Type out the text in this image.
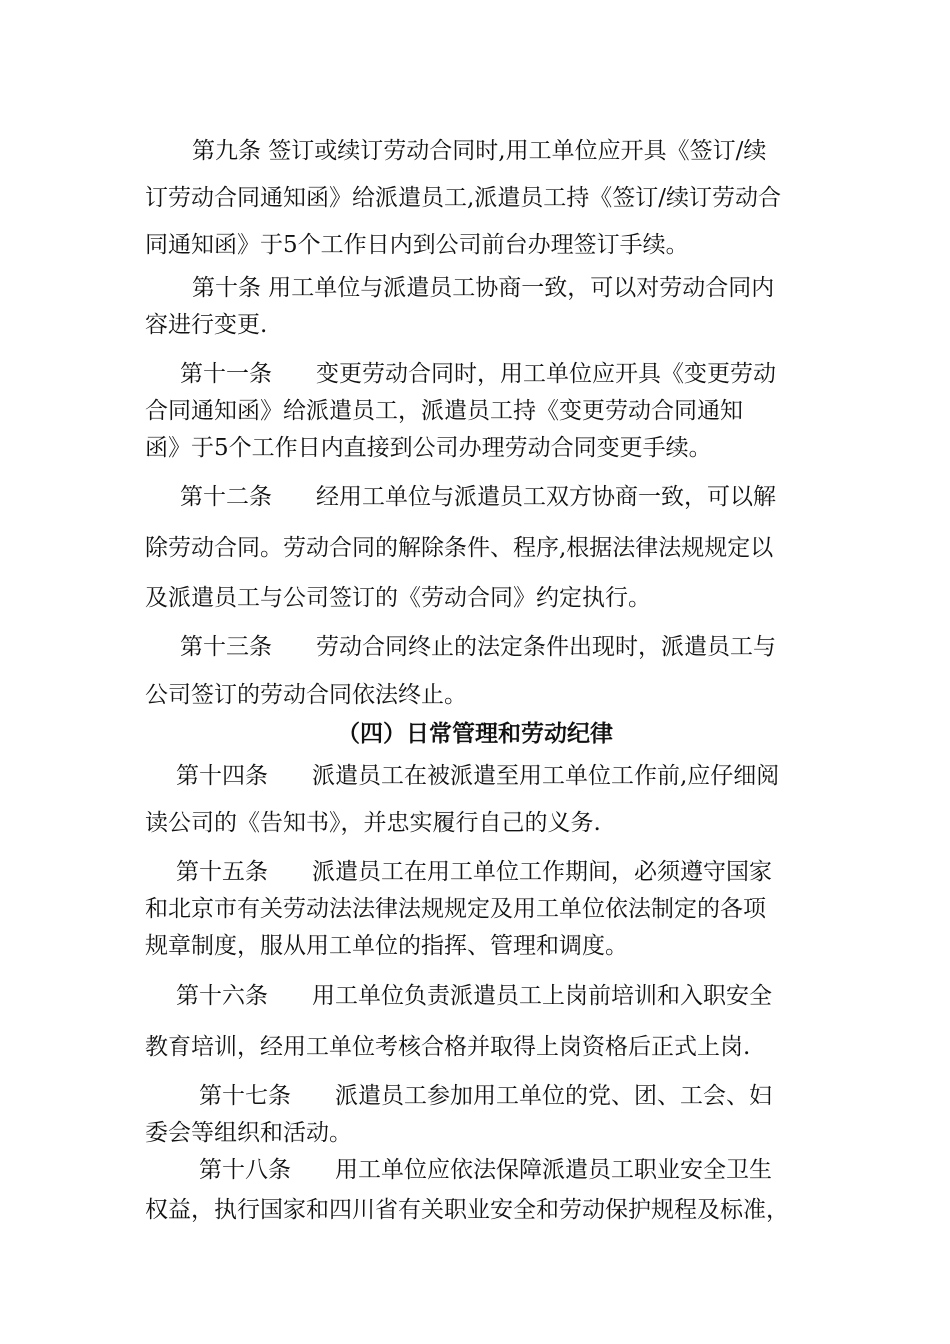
第九条 签订或续订劳动合同时,用工单位应开具《签订/续
订劳动合同通知函》给派遣员工,派遣员工持《签订/续订劳动合
同通知函》于5个工作日内到公司前台办理签订手续。
第十条 用工单位与派遣员工协商一致，可以对劳动合同内
容进行变更.
第十一条 变更劳动合同时，用工单位应开具《变更劳动
合同通知函》给派遣员工，派遣员工持《变更劳动合同通知
函》于5个工作日内直接到公司办理劳动合同变更手续。
第十二条 经用工单位与派遣员工双方协商一致，可以解
除劳动合同。劳动合同的解除条件、程序,根据法律法规规定以
及派遣员工与公司签订的《劳动合同》约定执行。
第十三条 劳动合同终止的法定条件出现时，派遣员工与
公司签订的劳动合同依法终止。
（四）日常管理和劳动纪律
第十四条 派遣员工在被派遣至用工单位工作前,应仔细阅
读公司的《告知书》，并忠实履行自己的义务.
第十五条 派遣员工在用工单位工作期间，必须遵守国家
和北京市有关劳动法法律法规规定及用工单位依法制定的各项
规章制度，服从用工单位的指挥、管理和调度。
第十六条 用工单位负责派遣员工上岗前培训和入职安全
教育培训，经用工单位考核合格并取得上岗资格后正式上岗.
第十七条 派遣员工参加用工单位的党、团、工会、妇
委会等组织和活动。
第十八条 用工单位应依法保障派遣员工职业安全卫生
权益，执行国家和四川省有关职业安全和劳动保护规程及标准，
